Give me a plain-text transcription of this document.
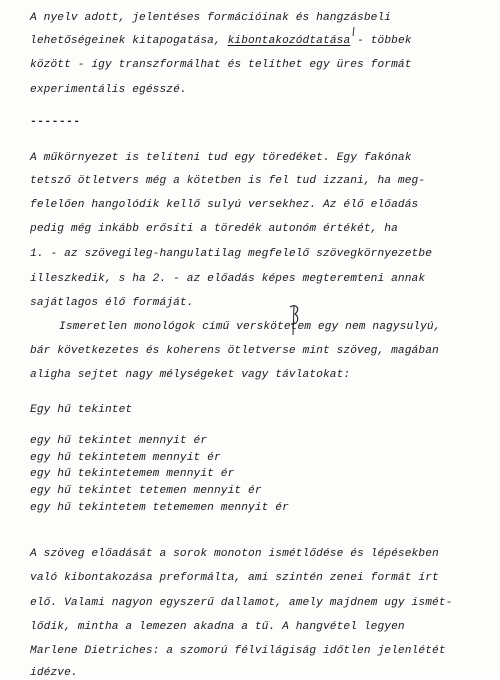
A nyelv adott, jelentéses formációinak és hangzásbeli
lehetőségeinek kitapogatása, kibontakozódtatása - többek
között - így transzformálhat és telíthet egy üres formát
experimentális egésszé.
-------
A műkörnyezet is telíteni tud egy töredéket. Egy fakónak
tetsző ötletvers még a kötetben is fel tud izzani, ha meg-
felelően hangolódik kellő sulyú versekhez. Az élő előadás
pedig még inkább erősíti a töredék autonóm értékét, ha
1. - az szövegileg-hangulatilag megfelelő szövegkörnyezetbe
illeszkedik, s ha 2. - az előadás képes megteremteni annak
sajátlagos élő formáját.
Ismeretlen monológok című verskötetem egy nem nagysulyú,
bár következetes és koherens ötletverse mint szöveg, magában
aligha sejtet nagy mélységeket vagy távlatokat:
Egy hű tekintet
egy hű tekintet mennyit ér
egy hű tekintetem mennyit ér
egy hű tekintetemem mennyit ér
egy hű tekintet tetemen mennyit ér
egy hű tekintetem tetememen mennyit ér
A szöveg előadását a sorok monoton ismétlődése és lépésekben
való kibontakozása preformálta, ami szintén zenei formát írt
elő. Valami nagyon egyszerű dallamot, amely majdnem ugy ismét-
lődik, mintha a lemezen akadna a tű. A hangvétel legyen
Marlene Dietriches: a szomorú félvilágiság időtlen jelenlétét
idézve.
